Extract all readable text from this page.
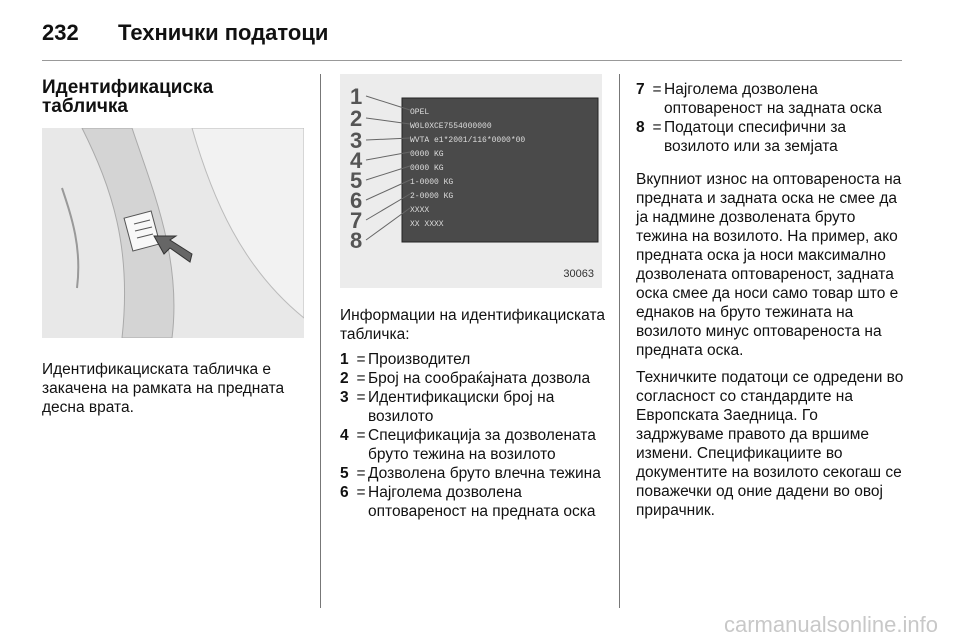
232 Технички податоци
Идентификациска табличка

Идентификациската табличка е закачена на рамката на предната десна врата.

OPEL
W0L0XCE7554000000
WVTA e1*2001/116*0000*00
0000 KG
0000 KG
1-0000 KG
2-0000 KG
XXXX
XX XXXX
1
2
3
4
5
6
7
8
30063

Информации на идентификациската табличка:

1 = Производител
2 = Број на сообраќајната дозвола
3 = Идентификациски број на возилото
4 = Спецификација за дозволената бруто тежина на возилото
5 = Дозволена бруто влечна тежина
6 = Најголема дозволена оптовареност на предната оска
7 = Најголема дозволена оптовареност на задната оска
8 = Податоци спесифични за возилото или за земјата

Вкупниот износ на оптовареноста на предната и задната оска не смее да ја надмине дозволената бруто тежина на возилото. На пример, ако предната оска ја носи максимално дозволената оптовареност, задната оска смее да носи само товар што е еднаков на бруто тежината на возилото минус оптовареноста на предната оска.

Техничките податоци се одредени во согласност со стандардите на Европската Заедница. Го задржуваме правото да вршиме измени. Спецификациите во документите на возилото секогаш се поважечки од оние дадени во овој прирачник.

carmanualsonline.info
